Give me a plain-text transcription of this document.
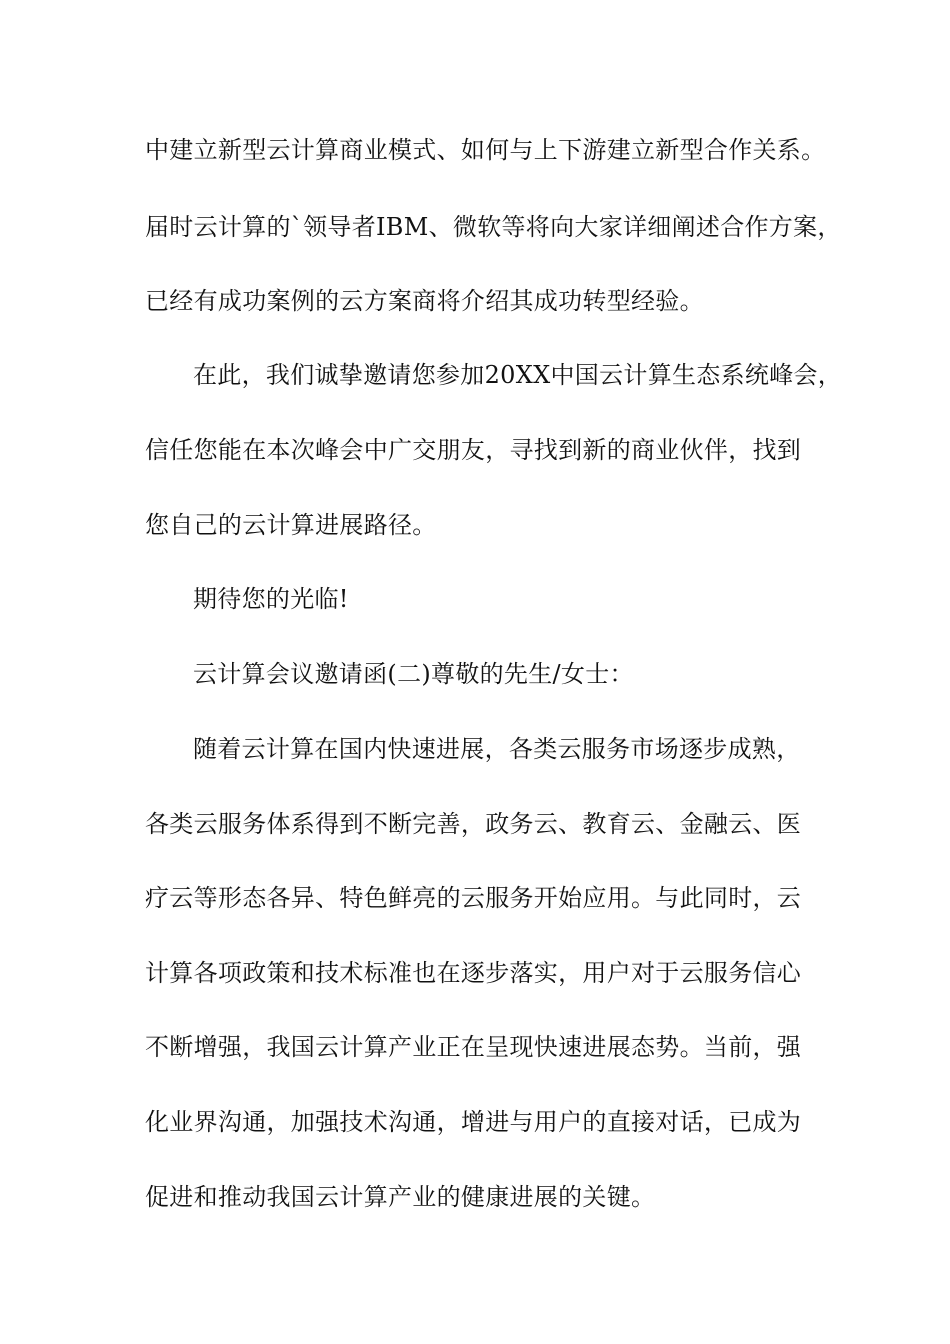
中建立新型云计算商业模式、如何与上下游建立新型合作关系。
届时云计算的`领导者IBM、微软等将向大家详细阐述合作方案，
已经有成功案例的云方案商将介绍其成功转型经验。
在此，我们诚挚邀请您参加20XX中国云计算生态系统峰会，
信任您能在本次峰会中广交朋友，寻找到新的商业伙伴，找到
您自己的云计算进展路径。
期待您的光临!
云计算会议邀请函(二)尊敬的先生/女士：
随着云计算在国内快速进展，各类云服务市场逐步成熟，
各类云服务体系得到不断完善，政务云、教育云、金融云、医
疗云等形态各异、特色鲜亮的云服务开始应用。与此同时，云
计算各项政策和技术标准也在逐步落实，用户对于云服务信心
不断增强，我国云计算产业正在呈现快速进展态势。当前，强
化业界沟通，加强技术沟通，增进与用户的直接对话，已成为
促进和推动我国云计算产业的健康进展的关键。
